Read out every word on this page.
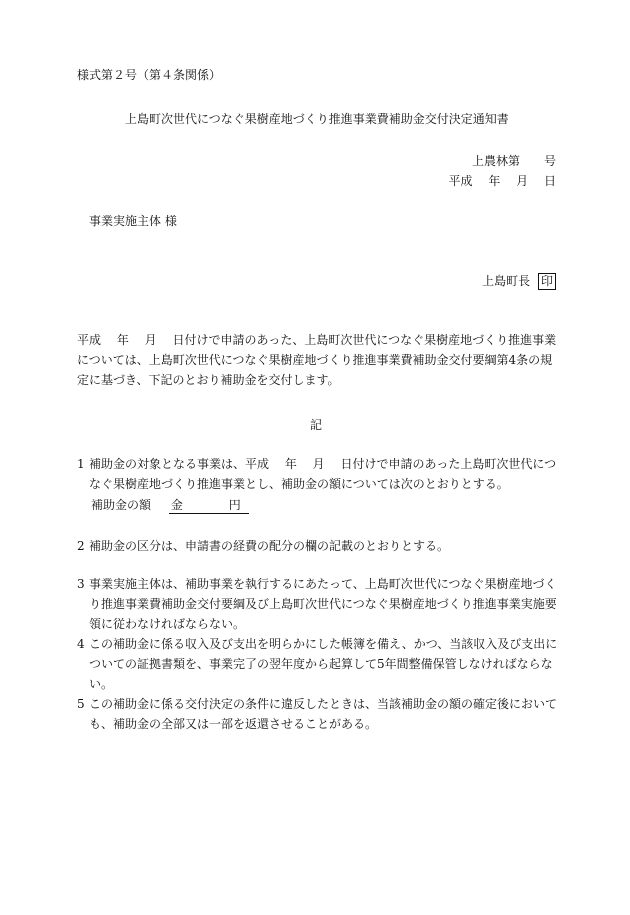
様式第２号（第４条関係）
上島町次世代につなぐ果樹産地づくり推進事業費補助金交付決定通知書
上農林第　　号
平成　 年　 月　 日
事業実施主体 様
上島町長 印
平成　 年　 月　 日付けで申請のあった、上島町次世代につなぐ果樹産地づくり推進事業については、上島町次世代につなぐ果樹産地づくり推進事業費補助金交付要綱第4条の規定に基づき、下記のとおり補助金を交付します。
記
1 補助金の対象となる事業は、平成　 年　 月　 日付けで申請のあった上島町次世代につなぐ果樹産地づくり推進事業とし、補助金の額については次のとおりとする。
補助金の額 金	円
2 補助金の区分は、申請書の経費の配分の欄の記載のとおりとする。
3 事業実施主体は、補助事業を執行するにあたって、上島町次世代につなぐ果樹産地づくり推進事業費補助金交付要綱及び上島町次世代につなぐ果樹産地づくり推進事業実施要領に従わなければならない。
4 この補助金に係る収入及び支出を明らかにした帳簿を備え、かつ、当該収入及び支出についての証拠書類を、事業完了の翌年度から起算して5年間整備保管しなければならない。
5 この補助金に係る交付決定の条件に違反したときは、当該補助金の額の確定後においても、補助金の全部又は一部を返還させることがある。
